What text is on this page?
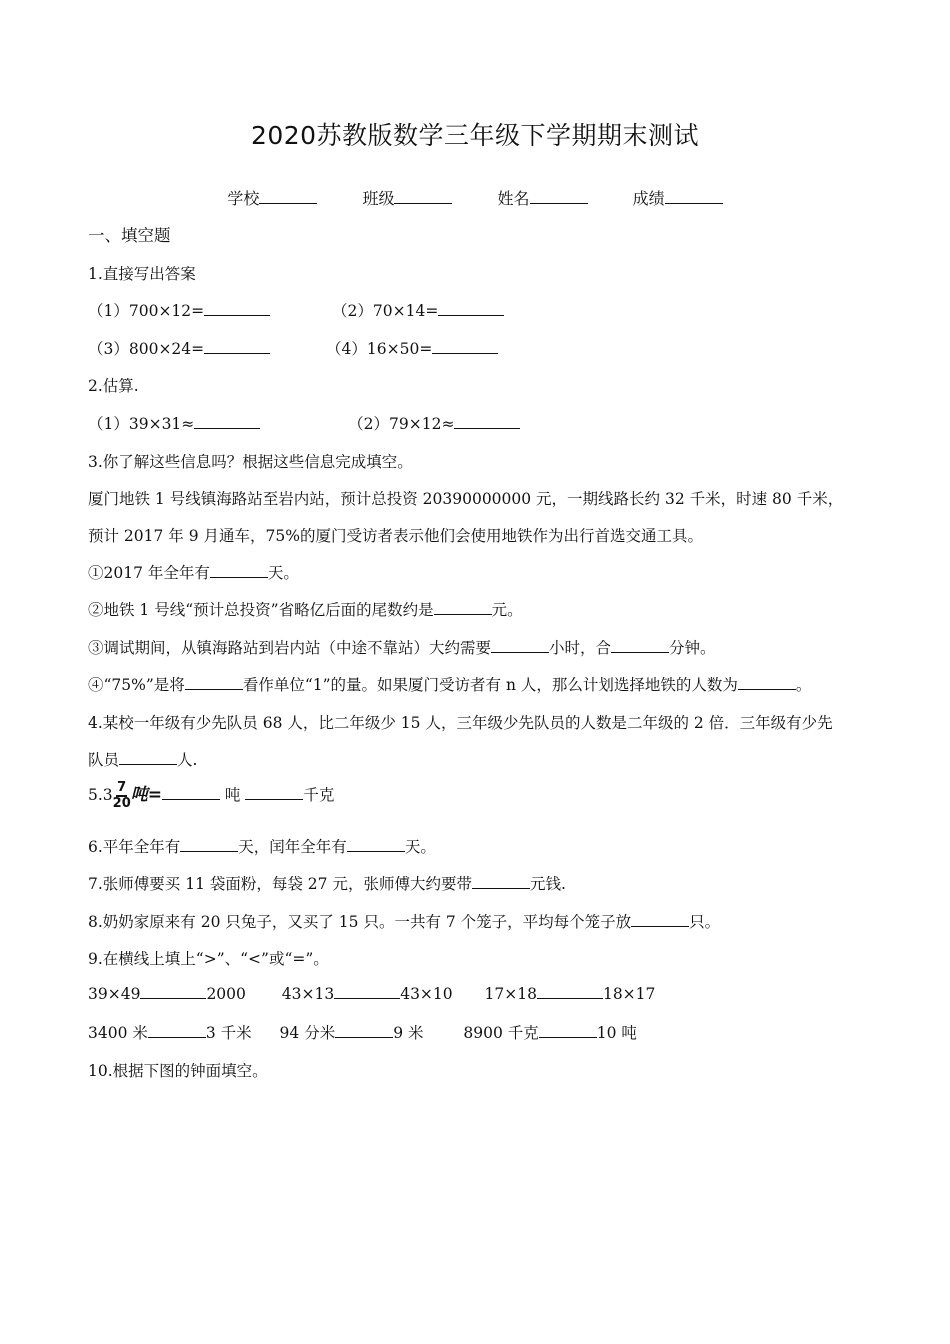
2020苏教版数学三年级下学期期末测试
学校	班级	姓名	成绩
一、填空题
1.直接写出答案
（1）700×12=	（2）70×14=
（3）800×24=	（4）16×50=
2.估算.
（1）39×31≈	（2）79×12≈
3.你了解这些信息吗？根据这些信息完成填空。
厦门地铁 1 号线镇海路站至岩内站，预计总投资 20390000000 元，一期线路长约 32 千米，时速 80 千米，
预计 2017 年 9 月通车，75%的厦门受访者表示他们会使用地铁作为出行首选交通工具。
①2017 年全年有	天。
②地铁 1 号线“预计总投资”省略亿后面的尾数约是	元。
③调试期间，从镇海路站到岩内站（中途不靠站）大约需要	小时，合	分钟。
④“75%”是将	看作单位“1”的量。如果厦门受访者有 n 人，那么计划选择地铁的人数为	。
4.某校一年级有少先队员 68 人，比二年级少 15 人，三年级少先队员的人数是二年级的 2 倍．三年级有少先
队员	人.
$5.3 \frac{7}{20}$ 吨=	吨	千克
6.平年全年有	天，闰年全年有	天。
7.张师傅要买 11 袋面粉，每袋 27 元，张师傅大约要带	元钱.
8.奶奶家原来有 20 只兔子，又买了 15 只。一共有 7 个笼子，平均每个笼子放	只。
9.在横线上填上“>”、“<”或“=”。
39×49	2000 43×13	43×10 17×18	18×17
3400 米	3 千米 94 分米	9 米	8900 千克	10 吨
10.根据下图的钟面填空。
